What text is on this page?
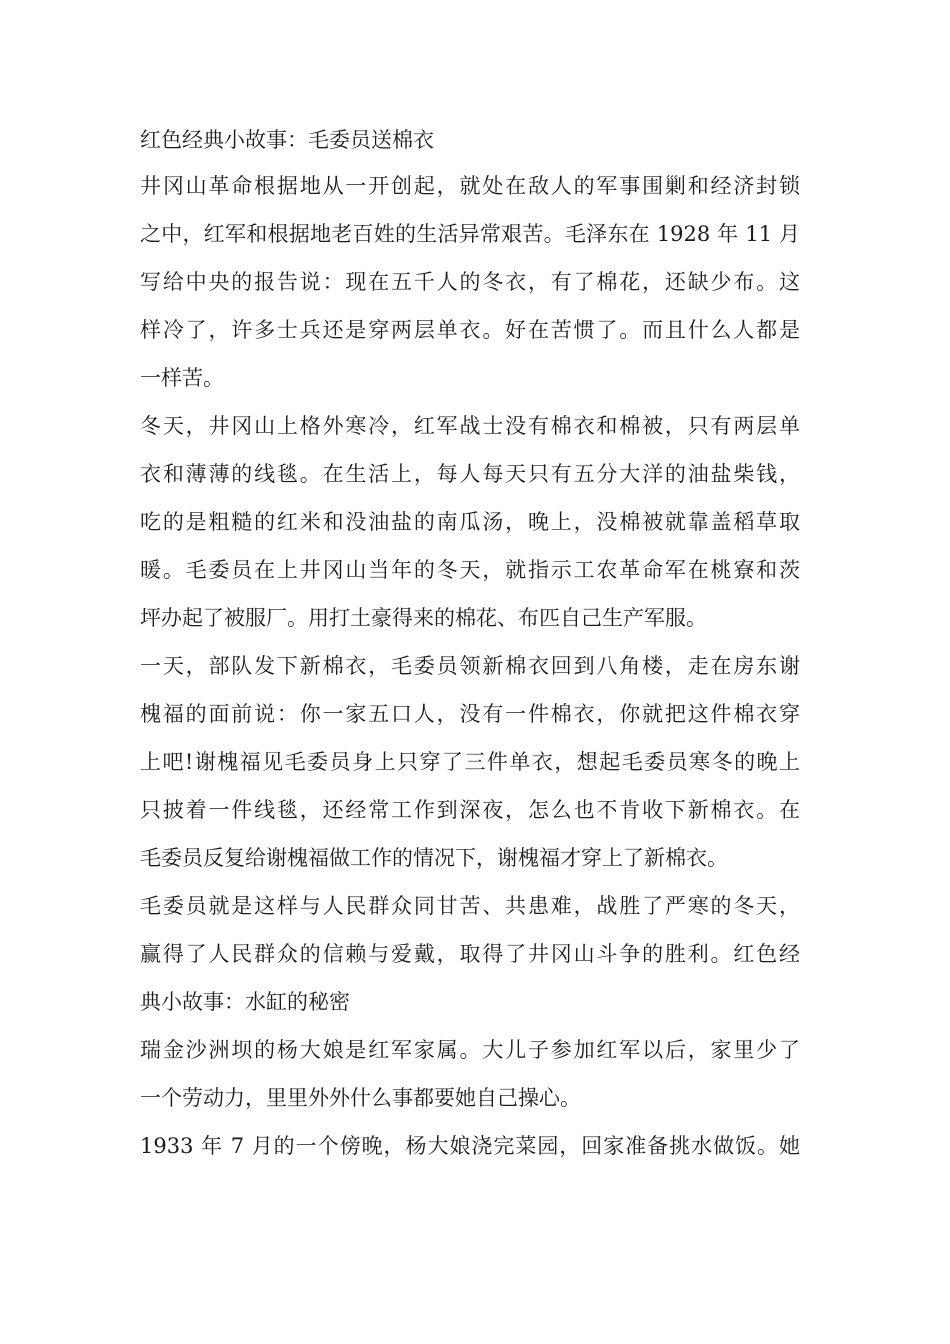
红色经典小故事：毛委员送棉衣
井冈山革命根据地从一开创起，就处在敌人的军事围剿和经济封锁
之中，红军和根据地老百姓的生活异常艰苦。毛泽东在 1928 年 11 月
写给中央的报告说：现在五千人的冬衣，有了棉花，还缺少布。这
样冷了，许多士兵还是穿两层单衣。好在苦惯了。而且什么人都是
一样苦。
冬天，井冈山上格外寒冷，红军战士没有棉衣和棉被，只有两层单
衣和薄薄的线毯。在生活上，每人每天只有五分大洋的油盐柴钱，
吃的是粗糙的红米和没油盐的南瓜汤，晚上，没棉被就靠盖稻草取
暖。毛委员在上井冈山当年的冬天，就指示工农革命军在桃寮和茨
坪办起了被服厂。用打土豪得来的棉花、布匹自己生产军服。
一天，部队发下新棉衣，毛委员领新棉衣回到八角楼，走在房东谢
槐福的面前说：你一家五口人，没有一件棉衣，你就把这件棉衣穿
上吧!谢槐福见毛委员身上只穿了三件单衣，想起毛委员寒冬的晚上
只披着一件线毯，还经常工作到深夜，怎么也不肯收下新棉衣。在
毛委员反复给谢槐福做工作的情况下，谢槐福才穿上了新棉衣。
毛委员就是这样与人民群众同甘苦、共患难，战胜了严寒的冬天，
赢得了人民群众的信赖与爱戴，取得了井冈山斗争的胜利。红色经
典小故事：水缸的秘密
瑞金沙洲坝的杨大娘是红军家属。大儿子参加红军以后，家里少了
一个劳动力，里里外外什么事都要她自己操心。
1933 年 7 月的一个傍晚，杨大娘浇完菜园，回家准备挑水做饭。她
